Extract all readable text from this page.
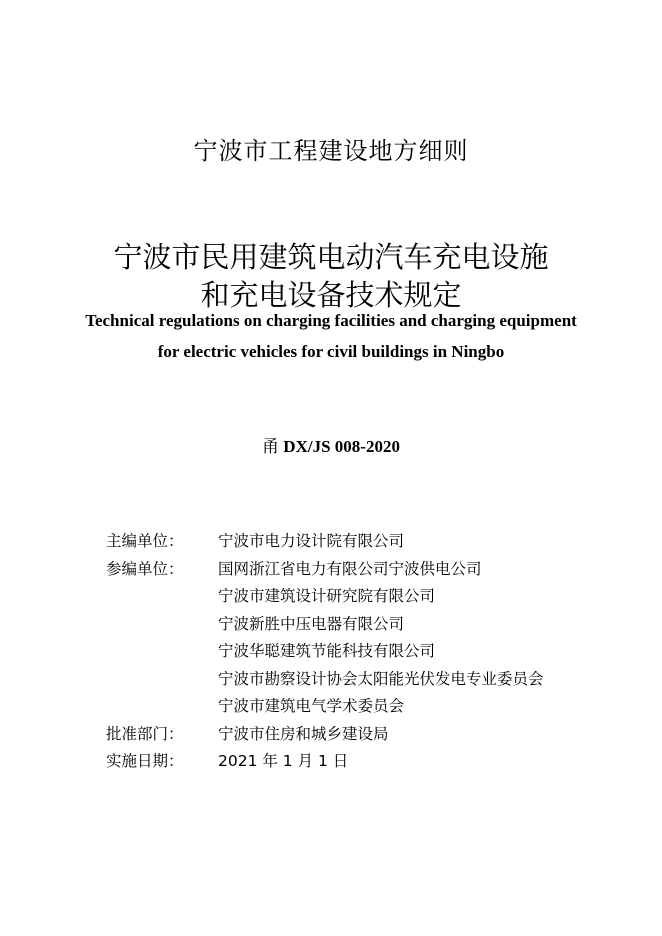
宁波市工程建设地方细则
宁波市民用建筑电动汽车充电设施
和充电设备技术规定
Technical regulations on charging facilities and charging equipment
for electric vehicles for civil buildings in Ningbo
甬 DX/JS 008-2020
主编单位：	宁波市电力设计院有限公司
参编单位：	国网浙江省电力有限公司宁波供电公司
宁波市建筑设计研究院有限公司
宁波新胜中压电器有限公司
宁波华聪建筑节能科技有限公司
宁波市勘察设计协会太阳能光伏发电专业委员会
宁波市建筑电气学术委员会
批准部门：	宁波市住房和城乡建设局
实施日期：	2021 年 1 月 1 日
